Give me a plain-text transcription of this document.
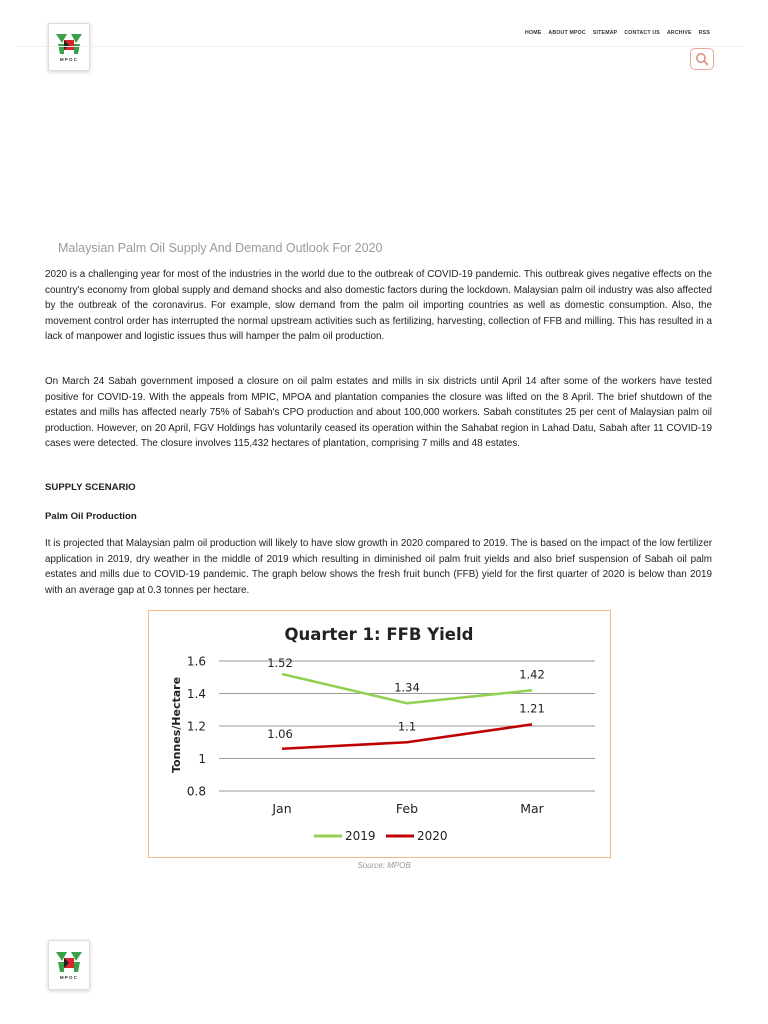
MPOC
HOME ABOUT MPOC SITEMAP CONTACT US ARCHIVE RSS
Malaysian Palm Oil Supply And Demand Outlook For 2020

2020 is a challenging year for most of the industries in the world due to the outbreak of COVID-19 pandemic. This outbreak gives negative effects on the country's economy from global supply and demand shocks and also domestic factors during the lockdown. Malaysian palm oil industry was also affected by the outbreak of the coronavirus. For example, slow demand from the palm oil importing countries as well as domestic consumption. Also, the movement control order has interrupted the normal upstream activities such as fertilizing, harvesting, collection of FFB and milling. This has resulted in a lack of manpower and logistic issues thus will hamper the palm oil production.

On March 24 Sabah government imposed a closure on oil palm estates and mills in six districts until April 14 after some of the workers have tested positive for COVID-19. With the appeals from MPIC, MPOA and plantation companies the closure was lifted on the 8 April. The brief shutdown of the estates and mills has affected nearly 75% of Sabah's CPO production and about 100,000 workers. Sabah constitutes 25 per cent of Malaysian palm oil production. However, on 20 April, FGV Holdings has voluntarily ceased its operation within the Sahabat region in Lahad Datu, Sabah after 11 COVID-19 cases were detected. The closure involves 115,432 hectares of plantation, comprising 7 mills and 48 estates.

SUPPLY SCENARIO
Palm Oil Production

It is projected that Malaysian palm oil production will likely to have slow growth in 2020 compared to 2019. The is based on the impact of the low fertilizer application in 2019, dry weather in the middle of 2019 which resulting in diminished oil palm fruit yields and also brief suspension of Sabah oil palm estates and mills due to COVID-19 pandemic. The graph below shows the fresh fruit bunch (FFB) yield for the first quarter of 2020 is below than 2019 with an average gap at 0.3 tonnes per hectare.

Quarter 1: FFB Yield
Tonnes/Hectare
0.8
1
1.2
1.4
1.6
Jan	Feb	Mar
1.52
1.34
1.42
1.06
1.1
1.21
2019	2020
Source: MPOB
MPOC
